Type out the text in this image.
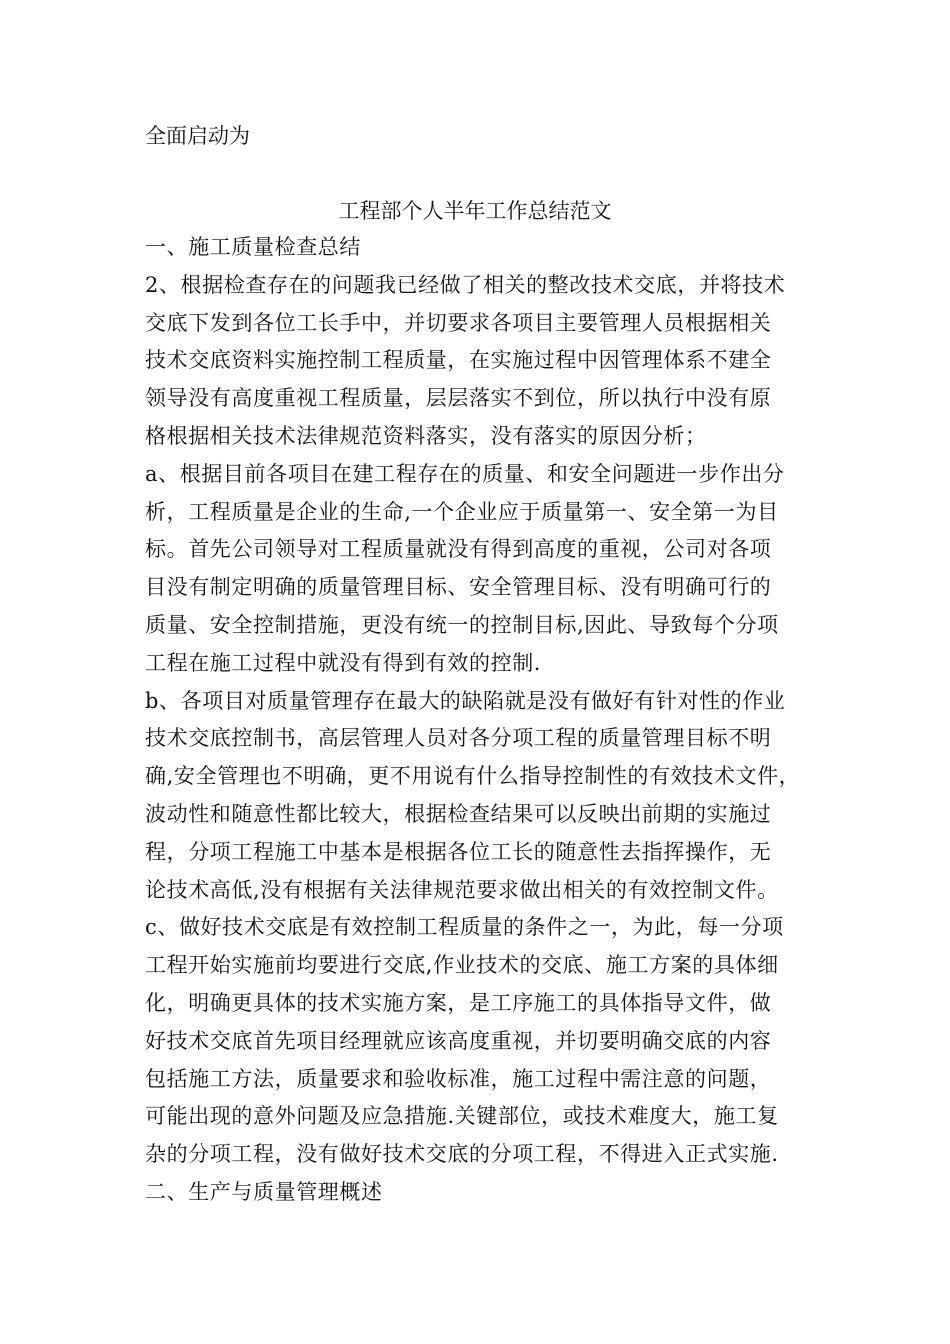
全面启动为
工程部个人半年工作总结范文
一、施工质量检查总结
2、根据检查存在的问题我已经做了相关的整改技术交底，并将技术
交底下发到各位工长手中，并切要求各项目主要管理人员根据相关
技术交底资料实施控制工程质量，在实施过程中因管理体系不建全
领导没有高度重视工程质量，层层落实不到位，所以执行中没有原
格根据相关技术法律规范资料落实，没有落实的原因分析；
a、根据目前各项目在建工程存在的质量、和安全问题进一步作出分
析，工程质量是企业的生命,一个企业应于质量第一、安全第一为目
标。首先公司领导对工程质量就没有得到高度的重视，公司对各项
目没有制定明确的质量管理目标、安全管理目标、没有明确可行的
质量、安全控制措施，更没有统一的控制目标,因此、导致每个分项
工程在施工过程中就没有得到有效的控制.
b、各项目对质量管理存在最大的缺陷就是没有做好有针对性的作业
技术交底控制书，高层管理人员对各分项工程的质量管理目标不明
确,安全管理也不明确，更不用说有什么指导控制性的有效技术文件，
波动性和随意性都比较大，根据检查结果可以反映出前期的实施过
程，分项工程施工中基本是根据各位工长的随意性去指挥操作，无
论技术高低,没有根据有关法律规范要求做出相关的有效控制文件。
c、做好技术交底是有效控制工程质量的条件之一，为此，每一分项
工程开始实施前均要进行交底,作业技术的交底、施工方案的具体细
化，明确更具体的技术实施方案，是工序施工的具体指导文件，做
好技术交底首先项目经理就应该高度重视，并切要明确交底的内容
包括施工方法，质量要求和验收标准，施工过程中需注意的问题，
可能出现的意外问题及应急措施.关键部位，或技术难度大，施工复
杂的分项工程，没有做好技术交底的分项工程，不得进入正式实施.
二、生产与质量管理概述
